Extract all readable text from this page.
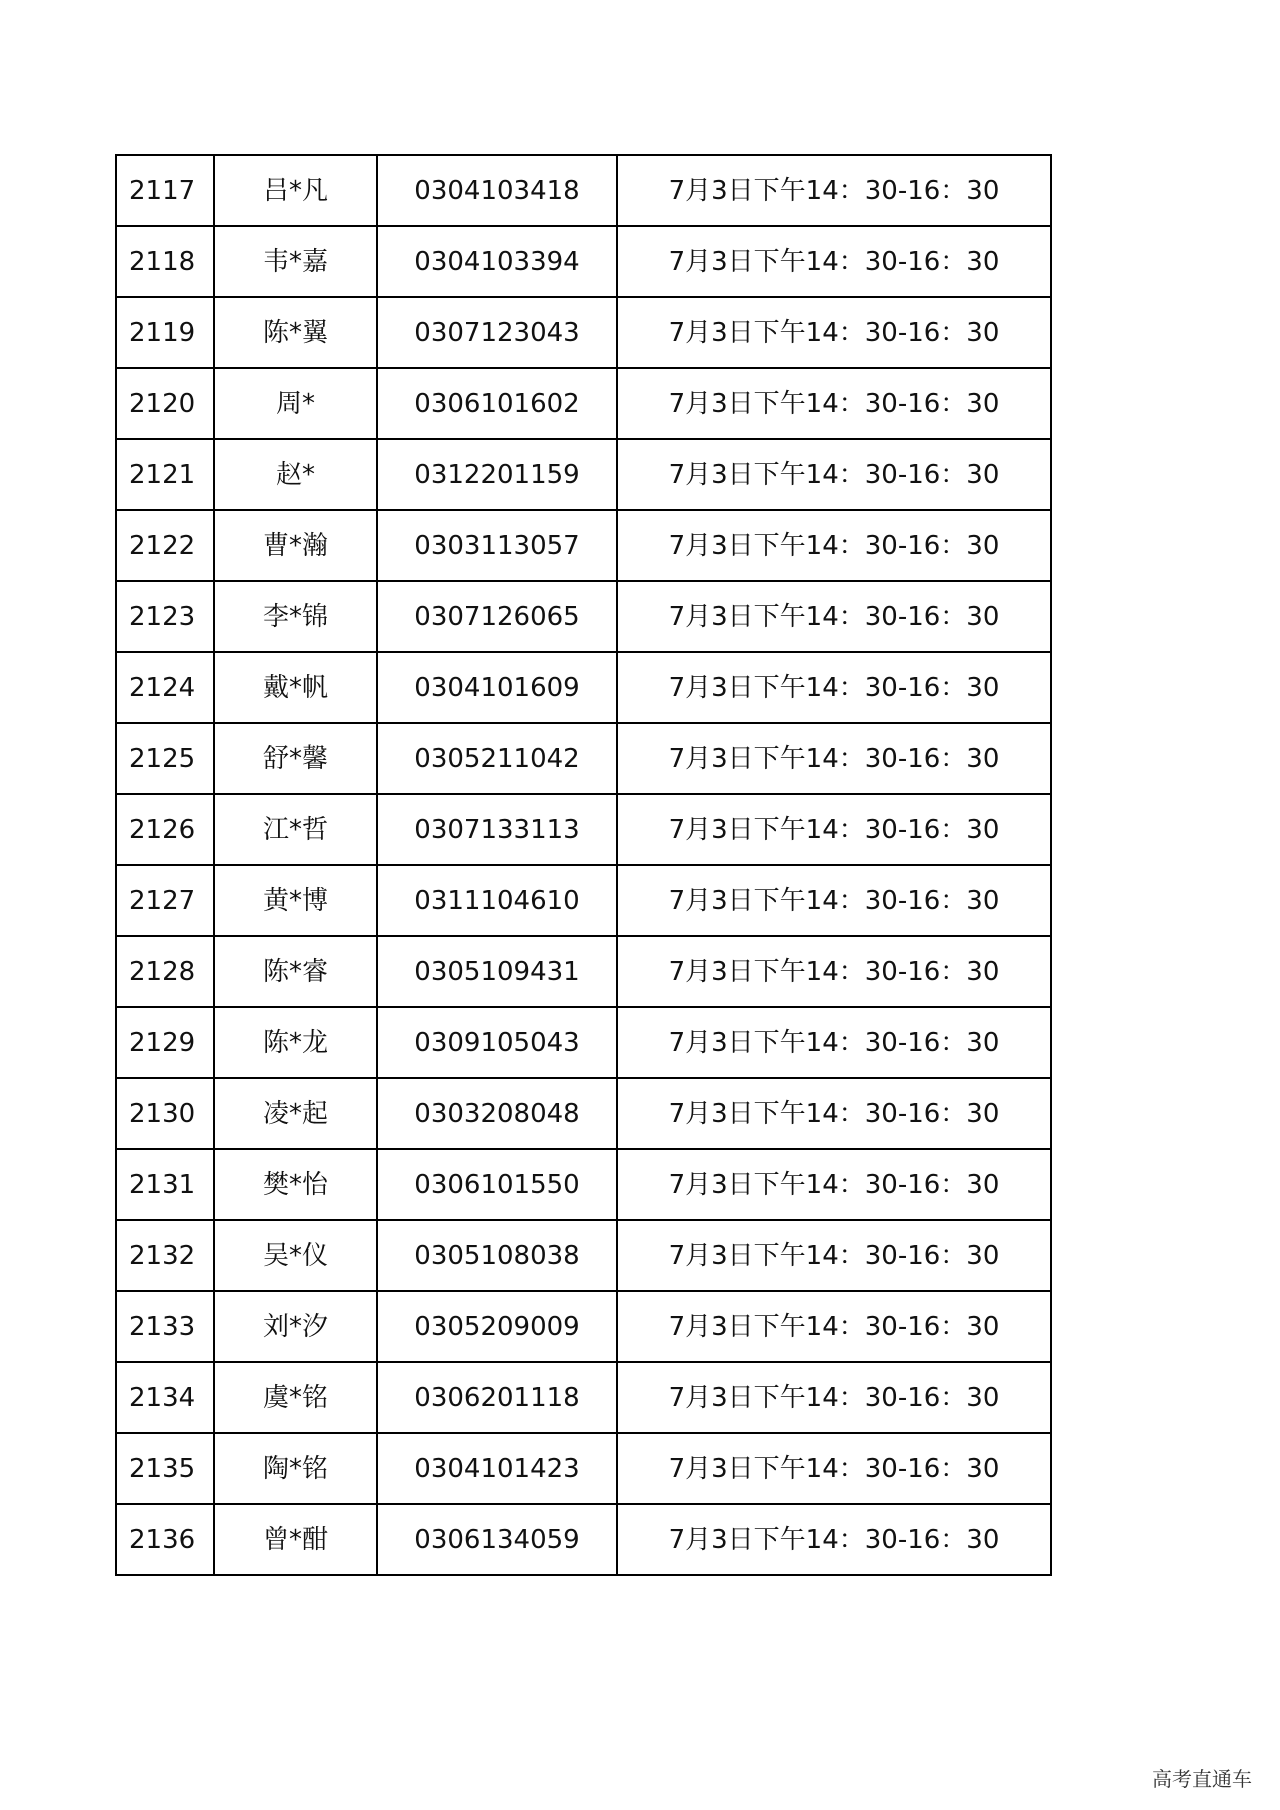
2117	吕*凡	0304103418	7月3日下午14：30-16：30
2118	韦*嘉	0304103394	7月3日下午14：30-16：30
2119	陈*翼	0307123043	7月3日下午14：30-16：30
2120	周*	0306101602	7月3日下午14：30-16：30
2121	赵*	0312201159	7月3日下午14：30-16：30
2122	曹*瀚	0303113057	7月3日下午14：30-16：30
2123	李*锦	0307126065	7月3日下午14：30-16：30
2124	戴*帆	0304101609	7月3日下午14：30-16：30
2125	舒*馨	0305211042	7月3日下午14：30-16：30
2126	江*哲	0307133113	7月3日下午14：30-16：30
2127	黄*博	0311104610	7月3日下午14：30-16：30
2128	陈*睿	0305109431	7月3日下午14：30-16：30
2129	陈*龙	0309105043	7月3日下午14：30-16：30
2130	凌*起	0303208048	7月3日下午14：30-16：30
2131	樊*怡	0306101550	7月3日下午14：30-16：30
2132	吴*仪	0305108038	7月3日下午14：30-16：30
2133	刘*汐	0305209009	7月3日下午14：30-16：30
2134	虞*铭	0306201118	7月3日下午14：30-16：30
2135	陶*铭	0304101423	7月3日下午14：30-16：30
2136	曾*酣	0306134059	7月3日下午14：30-16：30
高考直通车
